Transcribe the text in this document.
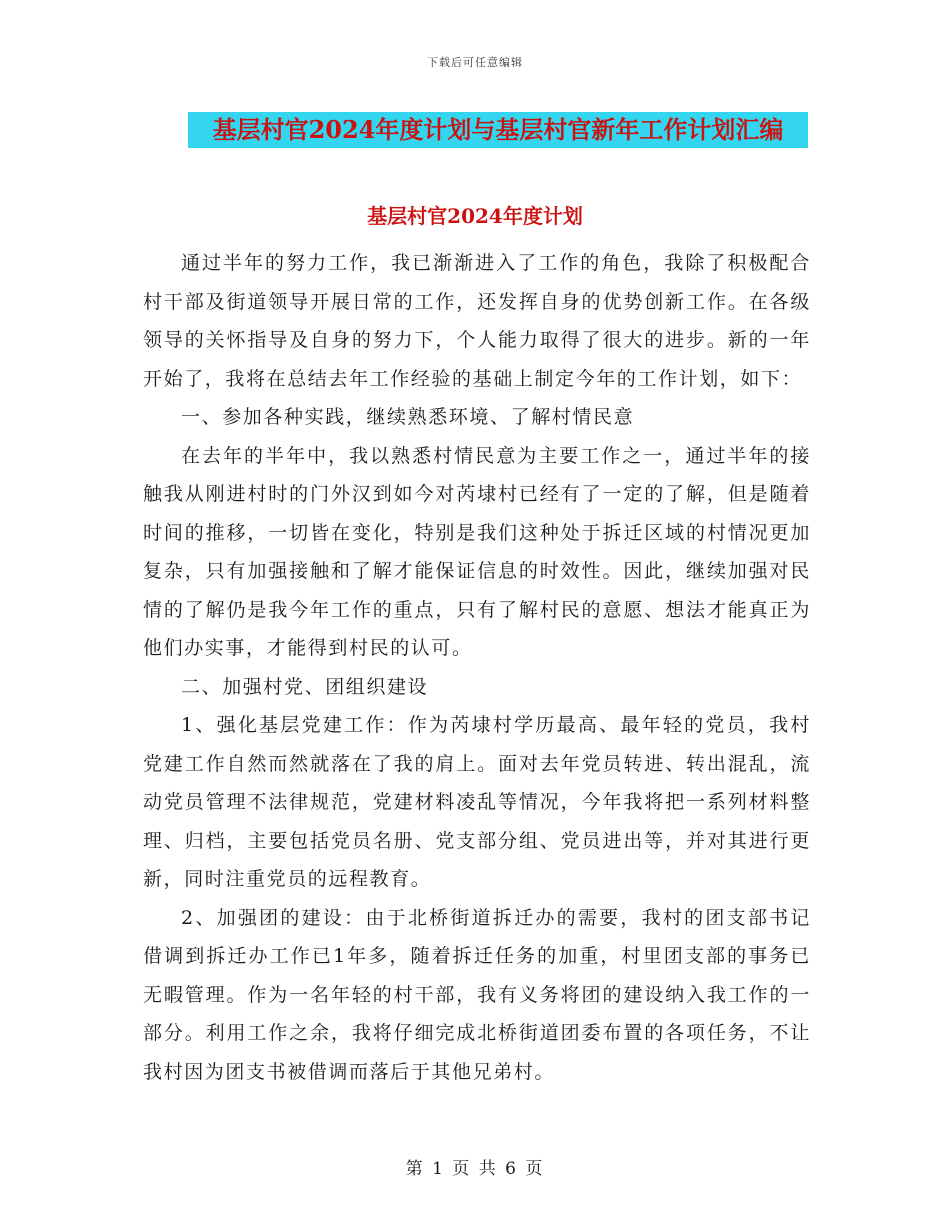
下载后可任意编辑
基层村官2024年度计划与基层村官新年工作计划汇编
基层村官2024年度计划

通过半年的努力工作，我已渐渐进入了工作的角色，我除了积极配合村干部及街道领导开展日常的工作，还发挥自身的优势创新工作。在各级领导的关怀指导及自身的努力下，个人能力取得了很大的进步。新的一年开始了，我将在总结去年工作经验的基础上制定今年的工作计划，如下：

一、参加各种实践，继续熟悉环境、了解村情民意

在去年的半年中，我以熟悉村情民意为主要工作之一，通过半年的接触我从刚进村时的门外汉到如今对芮埭村已经有了一定的了解，但是随着时间的推移，一切皆在变化，特别是我们这种处于拆迁区域的村情况更加复杂，只有加强接触和了解才能保证信息的时效性。因此，继续加强对民情的了解仍是我今年工作的重点，只有了解村民的意愿、想法才能真正为他们办实事，才能得到村民的认可。

二、加强村党、团组织建设

1、强化基层党建工作：作为芮埭村学历最高、最年轻的党员，我村党建工作自然而然就落在了我的肩上。面对去年党员转进、转出混乱，流动党员管理不法律规范，党建材料凌乱等情况，今年我将把一系列材料整理、归档，主要包括党员名册、党支部分组、党员进出等，并对其进行更新，同时注重党员的远程教育。

2、加强团的建设：由于北桥街道拆迁办的需要，我村的团支部书记借调到拆迁办工作已1年多，随着拆迁任务的加重，村里团支部的事务已无暇管理。作为一名年轻的村干部，我有义务将团的建设纳入我工作的一部分。利用工作之余，我将仔细完成北桥街道团委布置的各项任务，不让我村因为团支书被借调而落后于其他兄弟村。

第 1 页 共 6 页
